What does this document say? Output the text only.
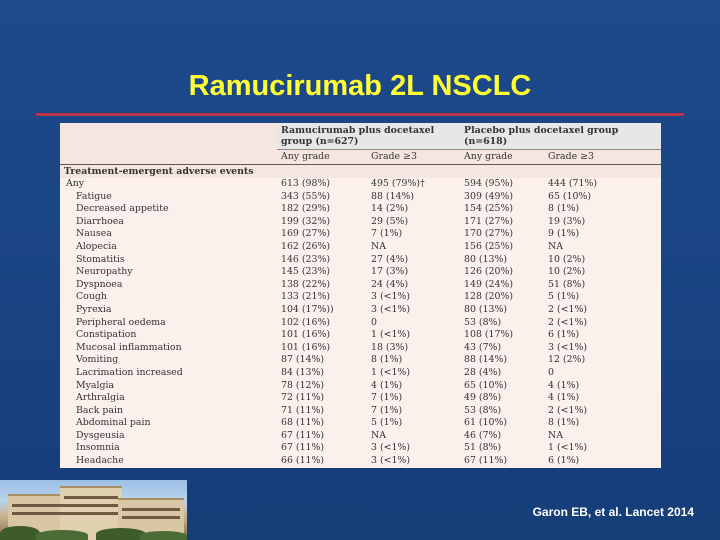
Ramucirumab 2L NSCLC
	Ramucirumab plus docetaxel group (n=627)		Placebo plus docetaxel group (n=618)	
	Any grade	Grade ≥3	Any grade	Grade ≥3
Treatment-emergent adverse events				
Any	613 (98%)	495 (79%)†	594 (95%)	444 (71%)
Fatigue	343 (55%)	88 (14%)	309 (49%)	65 (10%)
Decreased appetite	182 (29%)	14 (2%)	154 (25%)	8 (1%)
Diarrhoea	199 (32%)	29 (5%)	171 (27%)	19 (3%)
Nausea	169 (27%)	7 (1%)	170 (27%)	9 (1%)
Alopecia	162 (26%)	NA	156 (25%)	NA
Stomatitis	146 (23%)	27 (4%)	80 (13%)	10 (2%)
Neuropathy	145 (23%)	17 (3%)	126 (20%)	10 (2%)
Dyspnoea	138 (22%)	24 (4%)	149 (24%)	51 (8%)
Cough	133 (21%)	3 (<1%)	128 (20%)	5 (1%)
Pyrexia	104 (17%))	3 (<1%)	80 (13%)	2 (<1%)
Peripheral oedema	102 (16%)	0	53 (8%)	2 (<1%)
Constipation	101 (16%)	1 (<1%)	108 (17%)	6 (1%)
Mucosal inflammation	101 (16%)	18 (3%)	43 (7%)	3 (<1%)
Vomiting	87 (14%)	8 (1%)	88 (14%)	12 (2%)
Lacrimation increased	84 (13%)	1 (<1%)	28 (4%)	0
Myalgia	78 (12%)	4 (1%)	65 (10%)	4 (1%)
Arthralgia	72 (11%)	7 (1%)	49 (8%)	4 (1%)
Back pain	71 (11%)	7 (1%)	53 (8%)	2 (<1%)
Abdominal pain	68 (11%)	5 (1%)	61 (10%)	8 (1%)
Dysgeusia	67 (11%)	NA	46 (7%)	NA
Insomnia	67 (11%)	3 (<1%)	51 (8%)	1 (<1%)
Headache	66 (11%)	3 (<1%)	67 (11%)	6 (1%)
Garon EB, et al. Lancet 2014
